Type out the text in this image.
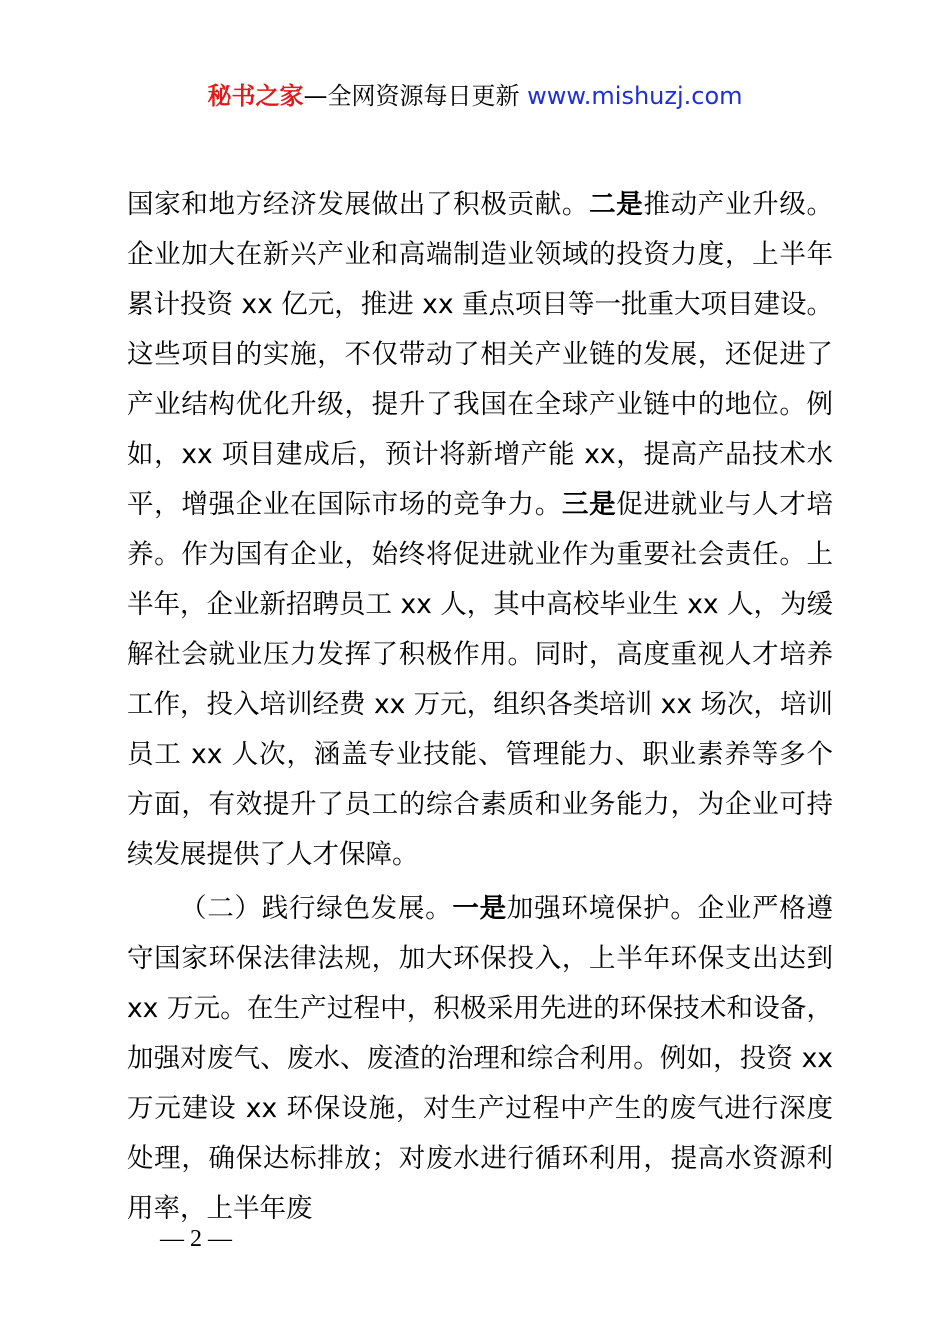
秘书之家—全网资源每日更新 www.mishuzj.com

国家和地方经济发展做出了积极贡献。二是推动产业升级。企业加大在新兴产业和高端制造业领域的投资力度，上半年累计投资 xx 亿元，推进 xx 重点项目等一批重大项目建设。这些项目的实施，不仅带动了相关产业链的发展，还促进了产业结构优化升级，提升了我国在全球产业链中的地位。例如，xx 项目建成后，预计将新增产能 xx，提高产品技术水平，增强企业在国际市场的竞争力。三是促进就业与人才培养。作为国有企业，始终将促进就业作为重要社会责任。上半年，企业新招聘员工 xx 人，其中高校毕业生 xx 人，为缓解社会就业压力发挥了积极作用。同时，高度重视人才培养工作，投入培训经费 xx 万元，组织各类培训 xx 场次，培训员工 xx 人次，涵盖专业技能、管理能力、职业素养等多个方面，有效提升了员工的综合素质和业务能力，为企业可持续发展提供了人才保障。

（二）践行绿色发展。一是加强环境保护。企业严格遵守国家环保法律法规，加大环保投入，上半年环保支出达到 xx 万元。在生产过程中，积极采用先进的环保技术和设备，加强对废气、废水、废渣的治理和综合利用。例如，投资 xx 万元建设 xx 环保设施，对生产过程中产生的废气进行深度处理，确保达标排放；对废水进行循环利用，提高水资源利用率，上半年废

— 2 —
